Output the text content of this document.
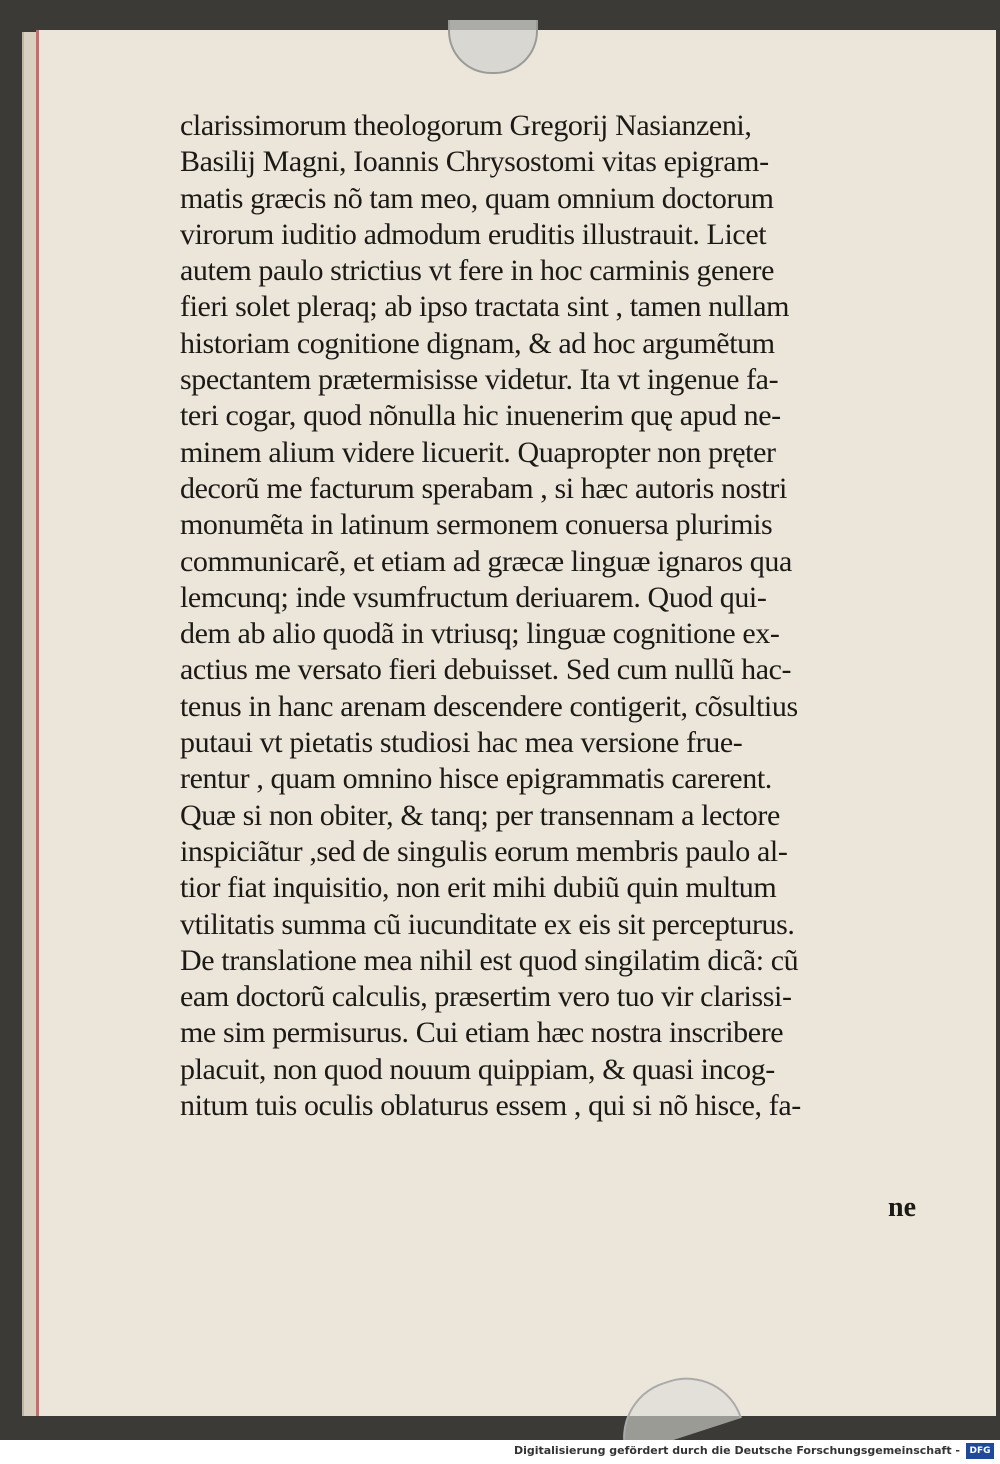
clarissimorum theologorum Gregorij Nasianzeni,
Basilij Magni, Ioannis Chrysostomi vitas epigram-
matis græcis nõ tam meo, quam omnium doctorum
virorum iuditio admodum eruditis illustrauit. Licet
autem paulo strictius vt fere in hoc carminis genere
fieri solet pleraq; ab ipso tractata sint , tamen nullam
historiam cognitione dignam, & ad hoc argumẽtum
spectantem prætermisisse videtur. Ita vt ingenue fa-
teri cogar, quod nõnulla hic inuenerim quę apud ne-
minem alium videre licuerit. Quapropter non pręter
decorũ me facturum sperabam , si hæc autoris nostri
monumẽta in latinum sermonem conuersa plurimis
communicarẽ, et etiam ad græcæ linguæ ignaros qua
lemcunq; inde vsumfructum deriuarem. Quod qui-
dem ab alio quodã in vtriusq; linguæ cognitione ex-
actius me versato fieri debuisset. Sed cum nullũ hac-
tenus in hanc arenam descendere contigerit, cõsultius
putaui vt pietatis studiosi hac mea versione frue-
rentur , quam omnino hisce epigrammatis carerent.
Quæ si non obiter, & tanq; per transennam a lectore
inspiciãtur ,sed de singulis eorum membris paulo al-
tior fiat inquisitio, non erit mihi dubiũ quin multum
vtilitatis summa cũ iucunditate ex eis sit percepturus.
De translatione mea nihil est quod singilatim dicã: cũ
eam doctorũ calculis, præsertim vero tuo vir clarissi-
me sim permisurus. Cui etiam hæc nostra inscribere
placuit, non quod nouum quippiam, & quasi incog-
nitum tuis oculis oblaturus essem , qui si nõ hisce, fa-
ne
Digitalisierung gefördert durch die Deutsche Forschungsgemeinschaft -	DFG
